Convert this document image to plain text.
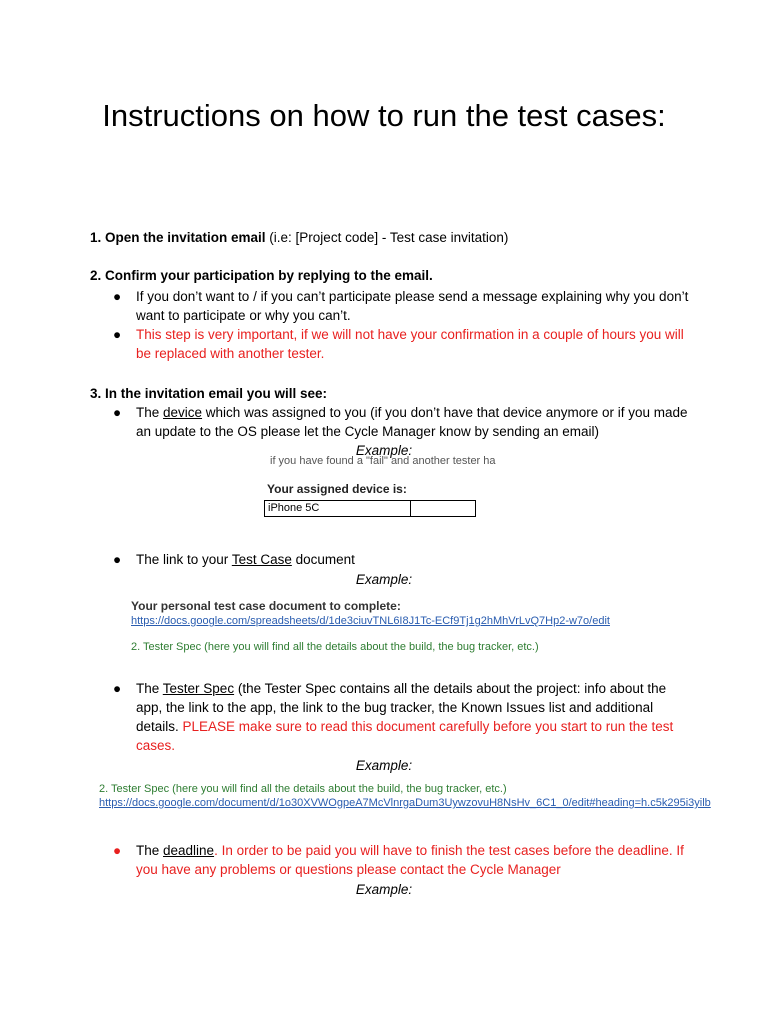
Instructions on how to run the test cases:
1. Open the invitation email (i.e: [Project code] - Test case invitation)
2. Confirm your participation by replying to the email.
●	If you don’t want to / if you can’t participate please send a message explaining why you don’t want to participate or why you can’t.
●	This step is very important, if we will not have your confirmation in a couple of hours you will be replaced with another tester.
3. In the invitation email you will see:
●	The device which was assigned to you (if you don’t have that device anymore or if you made an update to the OS please let the Cycle Manager know by sending an email)
Example:
if you have found a "fail" and another tester ha
Your assigned device is:
iPhone 5C
●	The link to your Test Case document
Example:
Your personal test case document to complete:
https://docs.google.com/spreadsheets/d/1de3ciuvTNL6I8J1Tc-ECf9Tj1g2hMhVrLvQ7Hp2-w7o/edit
2. Tester Spec (here you will find all the details about the build, the bug tracker, etc.)
●	The Tester Spec (the Tester Spec contains all the details about the project: info about the app, the link to the app, the link to the bug tracker, the Known Issues list and additional details. PLEASE make sure to read this document carefully before you start to run the test cases.
Example:
2. Tester Spec (here you will find all the details about the build, the bug tracker, etc.)
https://docs.google.com/document/d/1o30XVWOgpeA7McVlnrgaDum3UywzovuH8NsHv_6C1_0/edit#heading=h.c5k295i3yilb
●	The deadline. In order to be paid you will have to finish the test cases before the deadline. If you have any problems or questions please contact the Cycle Manager
Example:
